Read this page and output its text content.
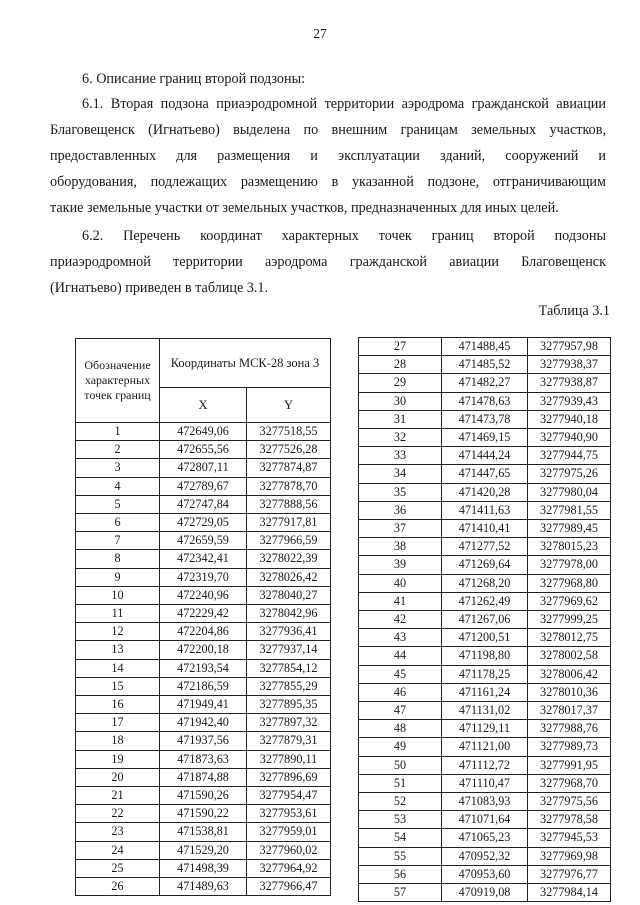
27
6. Описание границ второй подзоны:
6.1. Вторая подзона приаэродромной территории аэродрома гражданской авиации
Благовещенск (Игнатьево) выделена по внешним границам земельных участков,
предоставленных для размещения и эксплуатации зданий, сооружений и
оборудования, подлежащих размещению в указанной подзоне, отграничивающим
такие земельные участки от земельных участков, предназначенных для иных целей.
6.2. Перечень координат характерных точек границ второй подзоны
приаэродромной территории аэродрома гражданской авиации Благовещенск
(Игнатьево) приведен в таблице 3.1.
Таблица 3.1
Обозначение характерных точек границ	Координаты МСК-28 зона 3	
	X	Y
1	472649,06	3277518,55
2	472655,56	3277526,28
3	472807,11	3277874,87
4	472789,67	3277878,70
5	472747,84	3277888,56
6	472729,05	3277917,81
7	472659,59	3277966,59
8	472342,41	3278022,39
9	472319,70	3278026,42
10	472240,96	3278040,27
11	472229,42	3278042,96
12	472204,86	3277936,41
13	472200,18	3277937,14
14	472193,54	3277854,12
15	472186,59	3277855,29
16	471949,41	3277895,35
17	471942,40	3277897,32
18	471937,56	3277879,31
19	471873,63	3277890,11
20	471874,88	3277896,69
21	471590,26	3277954,47
22	471590,22	3277953,61
23	471538,81	3277959,01
24	471529,20	3277960,02
25	471498,39	3277964,92
26	471489,63	3277966,47
27	471488,45	3277957,98
28	471485,52	3277938,37
29	471482,27	3277938,87
30	471478,63	3277939,43
31	471473,78	3277940,18
32	471469,15	3277940,90
33	471444,24	3277944,75
34	471447,65	3277975,26
35	471420,28	3277980,04
36	471411,63	3277981,55
37	471410,41	3277989,45
38	471277,52	3278015,23
39	471269,64	3277978,00
40	471268,20	3277968,80
41	471262,49	3277969,62
42	471267,06	3277999,25
43	471200,51	3278012,75
44	471198,80	3278002,58
45	471178,25	3278006,42
46	471161,24	3278010,36
47	471131,02	3278017,37
48	471129,11	3277988,76
49	471121,00	3277989,73
50	471112,72	3277991,95
51	471110,47	3277968,70
52	471083,93	3277975,56
53	471071,64	3277978,58
54	471065,23	3277945,53
55	470952,32	3277969,98
56	470953,60	3277976,77
57	470919,08	3277984,14
